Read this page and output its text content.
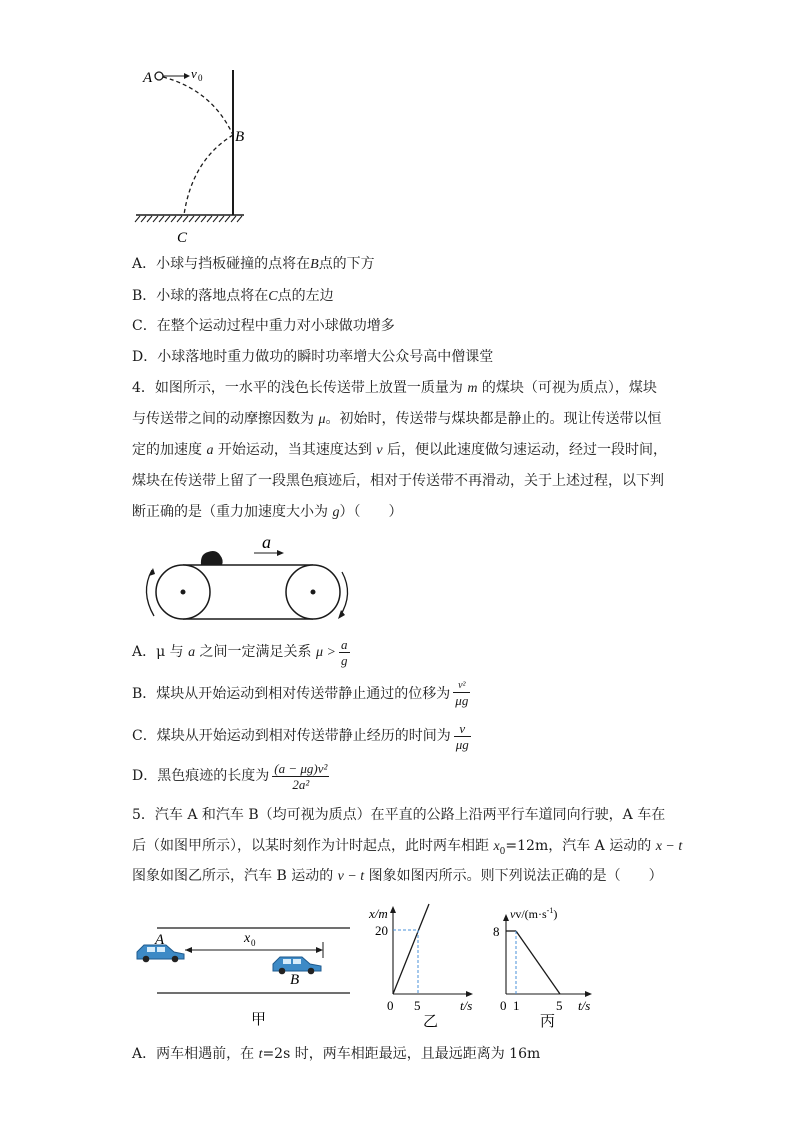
A	v 0
B
C
A．小球与挡板碰撞的点将在B点的下方
B．小球的落地点将在C点的左边
C．在整个运动过程中重力对小球做功增多
D．小球落地时重力做功的瞬时功率增大公众号高中僧课堂
4．如图所示，一水平的浅色长传送带上放置一质量为 m 的煤块（可视为质点），煤块
与传送带之间的动摩擦因数为 μ。初始时，传送带与煤块都是静止的。现让传送带以恒
定的加速度 a 开始运动，当其速度达到 v 后，便以此速度做匀速运动，经过一段时间，
煤块在传送带上留了一段黑色痕迹后，相对于传送带不再滑动，关于上述过程，以下判
断正确的是（重力加速度大小为 g）（　　）
a
A．μ 与 a 之间一定满足关系 $\mu > \frac{a}{g}$
B．煤块从开始运动到相对传送带静止通过的位移为 $\frac{\text{v²}}{\mu g}$
C．煤块从开始运动到相对传送带静止经历的时间为 $\frac{v}{\mu g}$
D．黑色痕迹的长度为 $\frac{\text{(a − μg)v²}}{\text{2a²}}$
5．汽车 A 和汽车 B（均可视为质点）在平直的公路上沿两平行车道同向行驶，A 车在
后（如图甲所示），以某时刻作为计时起点，此时两车相距 $x_0=12m$，汽车 A 运动的 x − t
图象如图乙所示，汽车 B 运动的 v − t 图象如图丙所示。则下列说法正确的是（　　）
A
B
x 0
甲
x/m
20
0 5	t/s
乙
$vv/(m\cdot s^{-1})$
8
0 1	5 t/s
丙
A．两车相遇前，在 t=2s 时，两车相距最远，且最远距离为 16m
